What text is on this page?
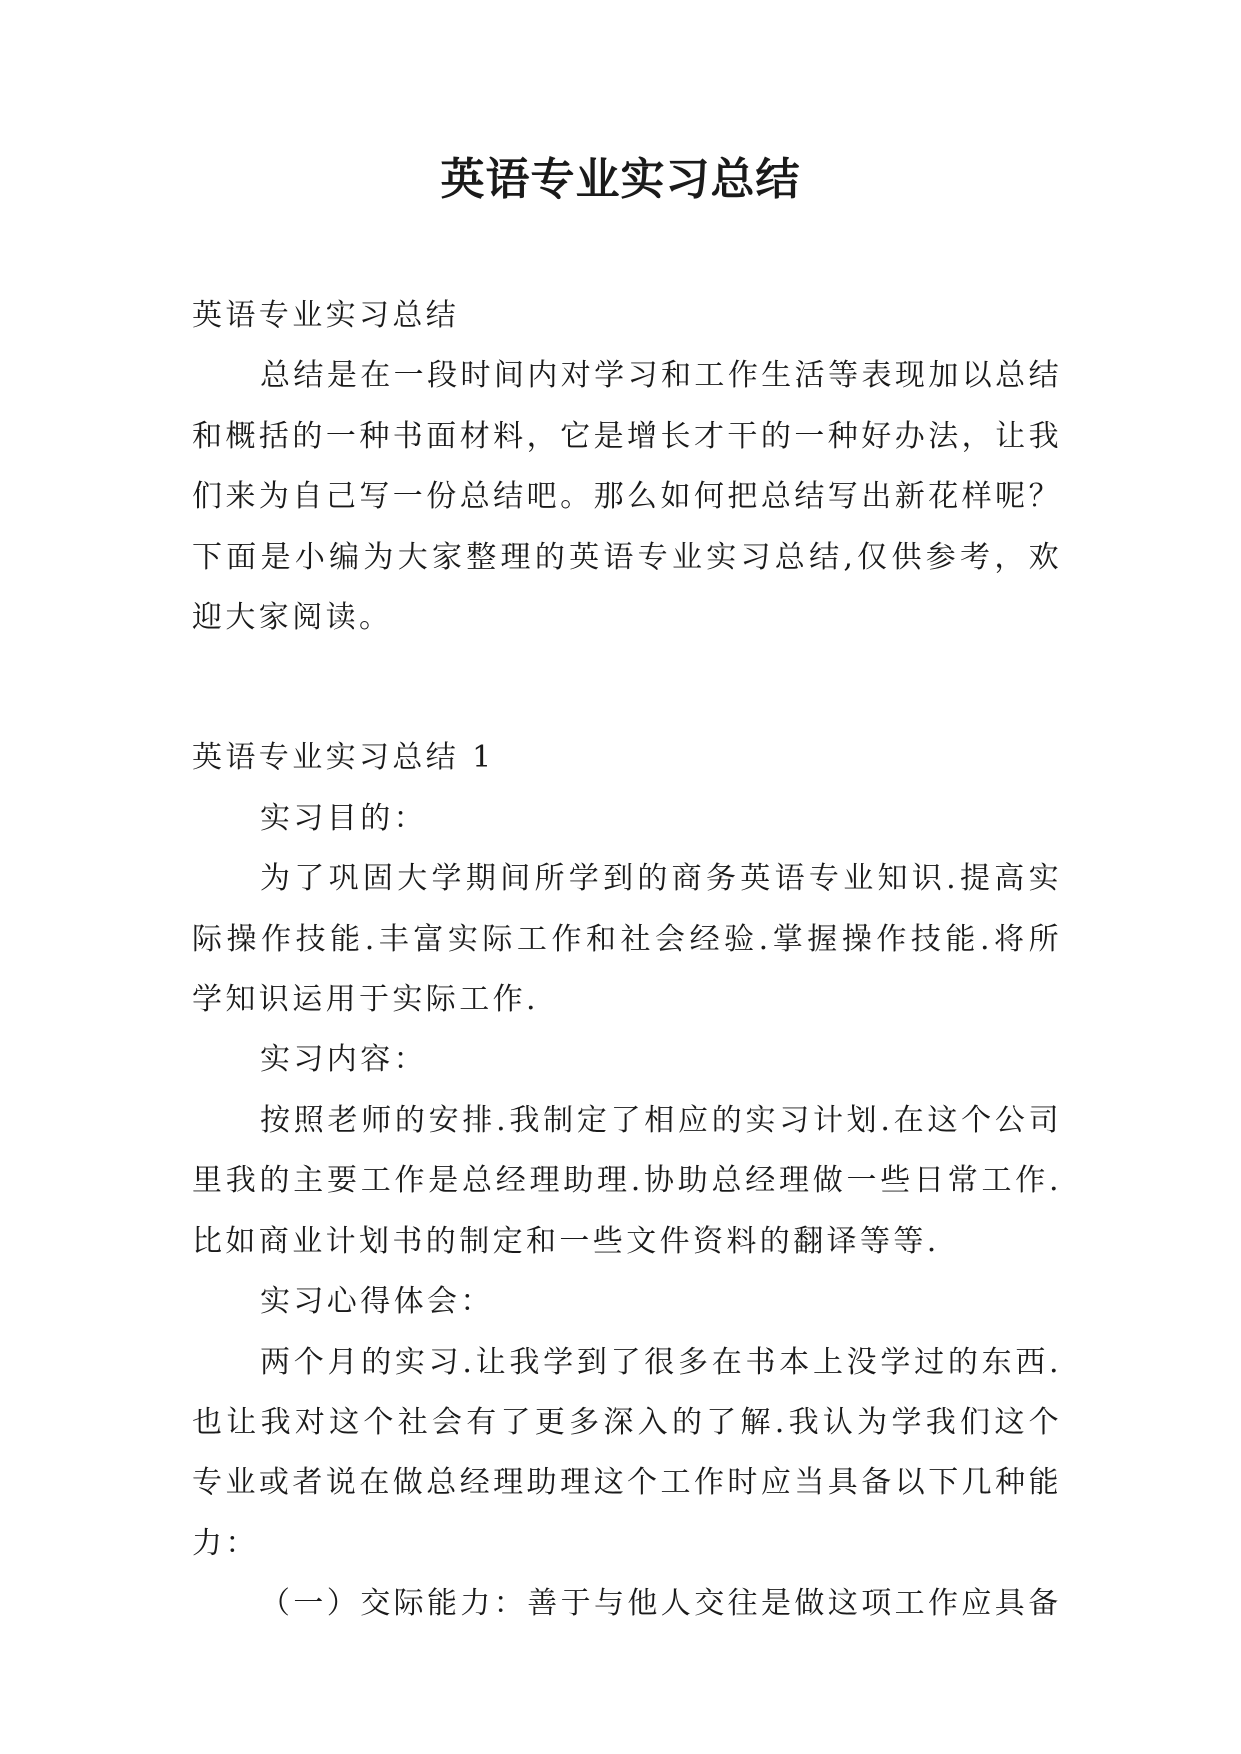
英语专业实习总结

英语专业实习总结

总结是在一段时间内对学习和工作生活等表现加以总结和概括的一种书面材料，它是增长才干的一种好办法，让我们来为自己写一份总结吧。那么如何把总结写出新花样呢？下面是小编为大家整理的英语专业实习总结,仅供参考，欢迎大家阅读。

英语专业实习总结 1

实习目的：

为了巩固大学期间所学到的商务英语专业知识.提高实际操作技能.丰富实际工作和社会经验.掌握操作技能.将所学知识运用于实际工作.

实习内容：

按照老师的安排.我制定了相应的实习计划.在这个公司里我的主要工作是总经理助理.协助总经理做一些日常工作.比如商业计划书的制定和一些文件资料的翻译等等.

实习心得体会：

两个月的实习.让我学到了很多在书本上没学过的东西.也让我对这个社会有了更多深入的了解.我认为学我们这个专业或者说在做总经理助理这个工作时应当具备以下几种能力：

（一）交际能力：善于与他人交往是做这项工作应具备
